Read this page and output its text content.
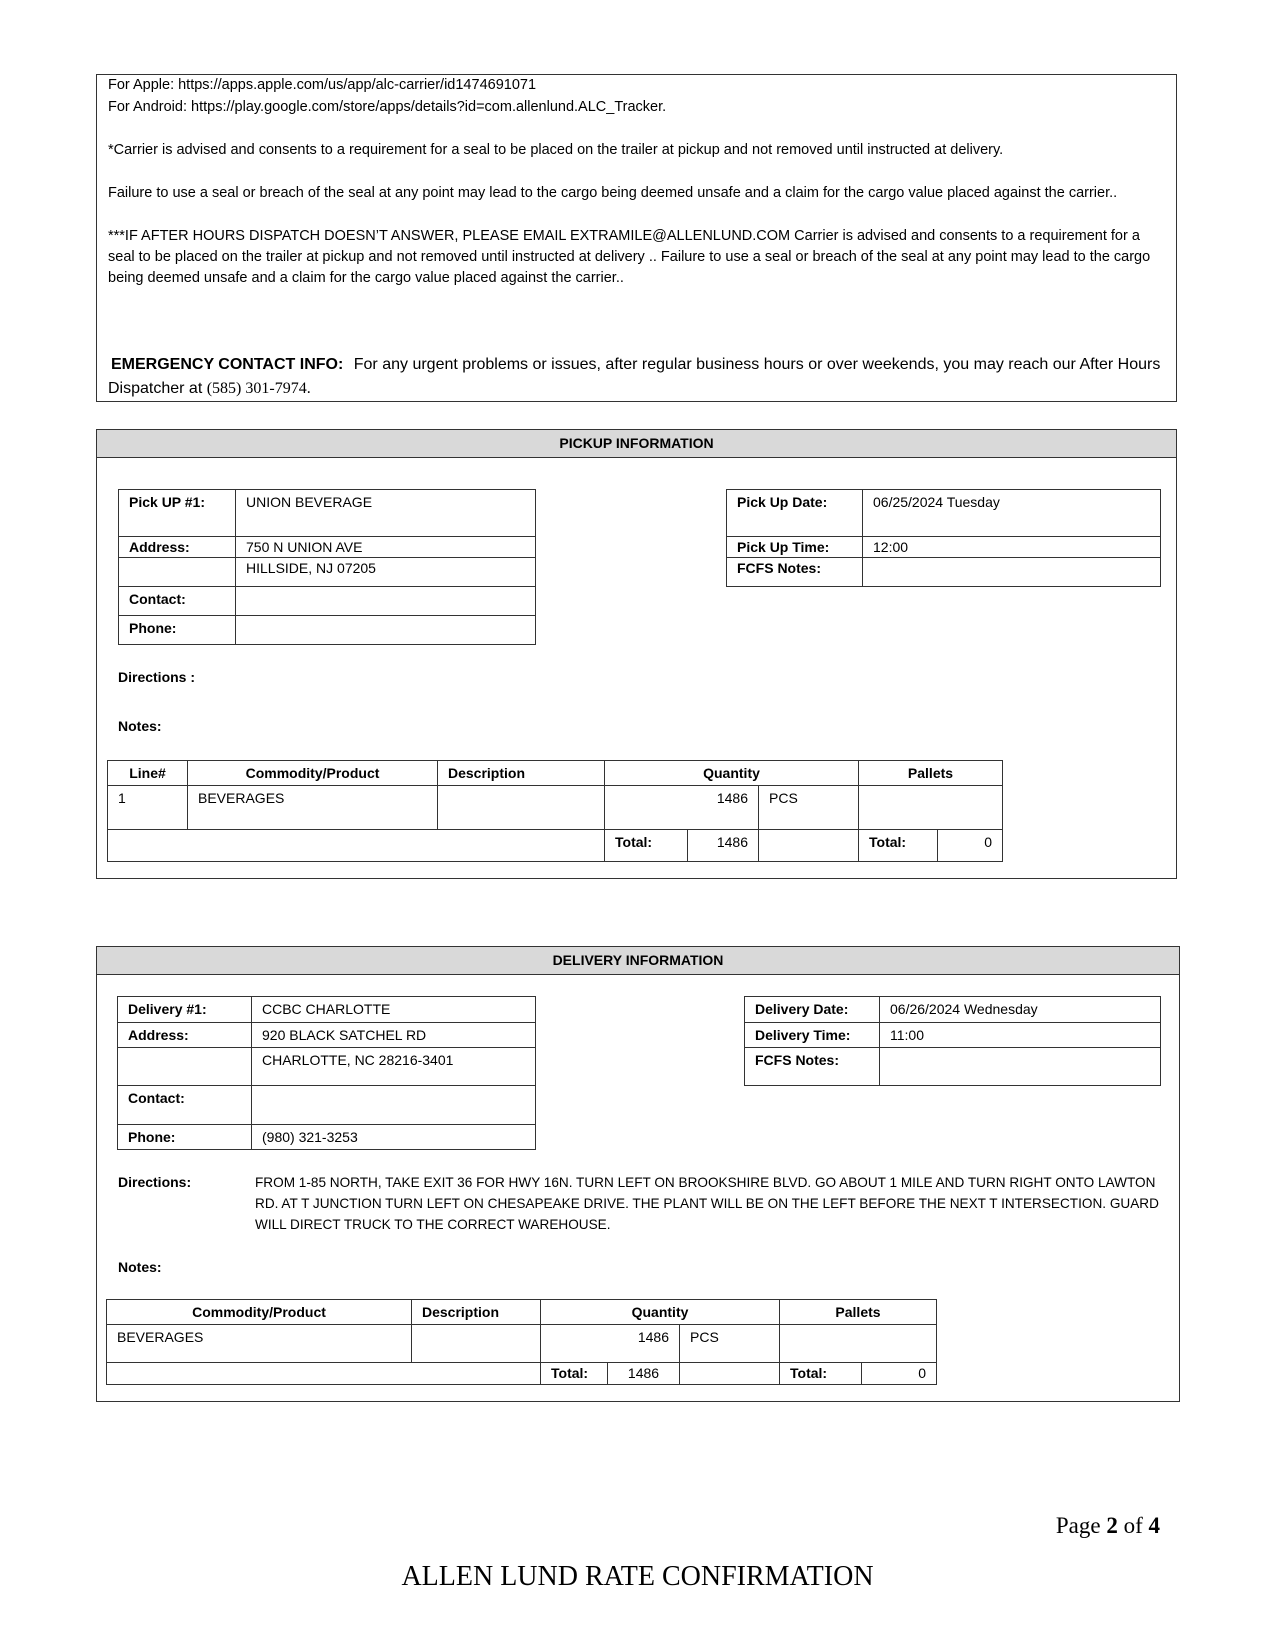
For Apple: https://apps.apple.com/us/app/alc-carrier/id1474691071
For Android: https://play.google.com/store/apps/details?id=com.allenlund.ALC_Tracker.
*Carrier is advised and consents to a requirement for a seal to be placed on the trailer at pickup and not removed until instructed at delivery.
Failure to use a seal or breach of the seal at any point may lead to the cargo being deemed unsafe and a claim for the cargo value placed against the carrier..
***IF AFTER HOURS DISPATCH DOESN’T ANSWER, PLEASE EMAIL EXTRAMILE@ALLENLUND.COM Carrier is advised and consents to a requirement for a seal to be placed on the trailer at pickup and not removed until instructed at delivery .. Failure to use a seal or breach of the seal at any point may lead to the cargo being deemed unsafe and a claim for the cargo value placed against the carrier..
EMERGENCY CONTACT INFO: For any urgent problems or issues, after regular business hours or over weekends, you may reach our After Hours Dispatcher at (585) 301-7974.
PICKUP INFORMATION
Pick UP #1:	UNION BEVERAGE
Address:	750 N UNION AVE
	HILLSIDE, NJ 07205
Contact:	
Phone:	
Pick Up Date:	06/25/2024 Tuesday
Pick Up Time:	12:00
FCFS Notes:	
Directions :
Notes:
Line#	Commodity/Product	Description	Quantity			Pallets	
1	BEVERAGES		1486		PCS		
			Total:	1486		Total:	0
DELIVERY INFORMATION
Delivery #1:	CCBC CHARLOTTE
Address:	920 BLACK SATCHEL RD
	CHARLOTTE, NC 28216-3401
Contact:	
Phone:	(980) 321-3253
Delivery Date:	06/26/2024 Wednesday
Delivery Time:	11:00
FCFS Notes:	
Directions:	FROM 1-85 NORTH, TAKE EXIT 36 FOR HWY 16N. TURN LEFT ON BROOKSHIRE BLVD. GO ABOUT 1 MILE AND TURN RIGHT ONTO LAWTON RD. AT T JUNCTION TURN LEFT ON CHESAPEAKE DRIVE. THE PLANT WILL BE ON THE LEFT BEFORE THE NEXT T INTERSECTION. GUARD WILL DIRECT TRUCK TO THE CORRECT WAREHOUSE.
Notes:
Commodity/Product	Description	Quantity			Pallets	
BEVERAGES		1486		PCS		
		Total:	1486		Total:	0
Page 2 of 4
ALLEN LUND RATE CONFIRMATION
